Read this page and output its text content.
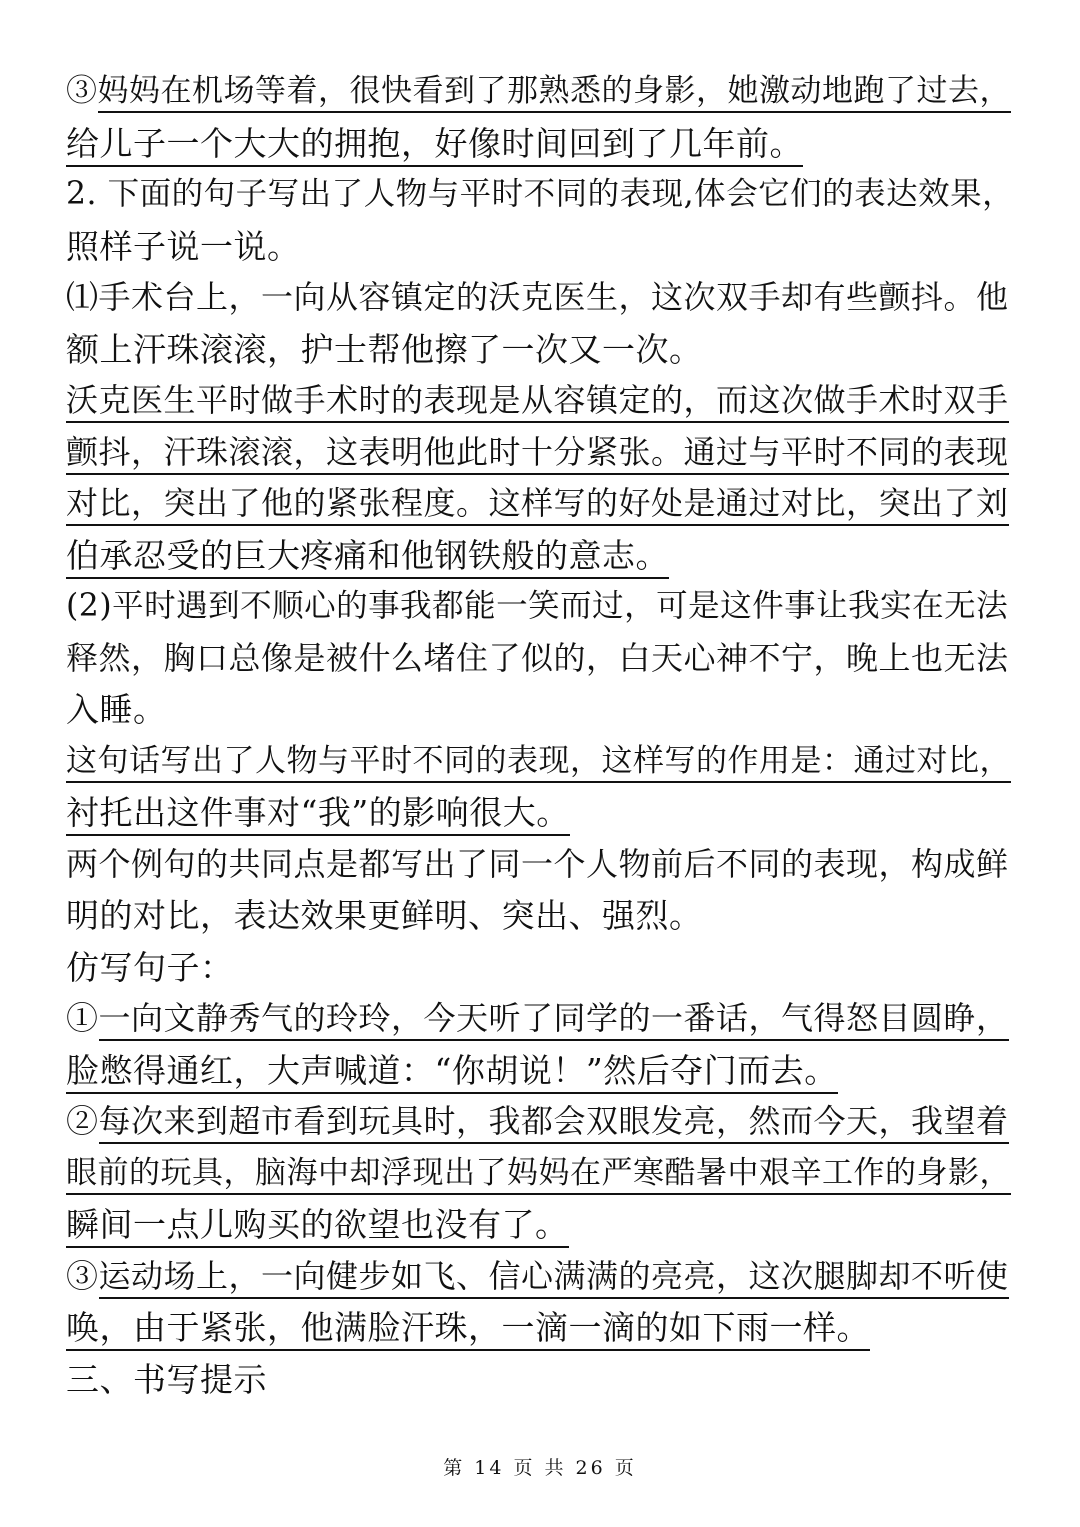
③妈妈在机场等着，很快看到了那熟悉的身影，她激动地跑了过去，
给儿子一个大大的拥抱，好像时间回到了几年前。
2. 下面的句子写出了人物与平时不同的表现,体会它们的表达效果，
照样子说一说。
⑴手术台上，一向从容镇定的沃克医生，这次双手却有些颤抖。他
额上汗珠滚滚，护士帮他擦了一次又一次。
沃克医生平时做手术时的表现是从容镇定的，而这次做手术时双手
颤抖，汗珠滚滚，这表明他此时十分紧张。通过与平时不同的表现
对比，突出了他的紧张程度。这样写的好处是通过对比，突出了刘
伯承忍受的巨大疼痛和他钢铁般的意志。
(2)平时遇到不顺心的事我都能一笑而过，可是这件事让我实在无法
释然，胸口总像是被什么堵住了似的，白天心神不宁，晚上也无法
入睡。
这句话写出了人物与平时不同的表现，这样写的作用是：通过对比，
衬托出这件事对“我”的影响很大。
两个例句的共同点是都写出了同一个人物前后不同的表现，构成鲜
明的对比，表达效果更鲜明、突出、强烈。
仿写句子：
①一向文静秀气的玲玲，今天听了同学的一番话，气得怒目圆睁，
脸憋得通红，大声喊道：“你胡说！”然后夺门而去。
②每次来到超市看到玩具时，我都会双眼发亮，然而今天，我望着
眼前的玩具，脑海中却浮现出了妈妈在严寒酷暑中艰辛工作的身影，
瞬间一点儿购买的欲望也没有了。
③运动场上，一向健步如飞、信心满满的亮亮，这次腿脚却不听使
唤，由于紧张，他满脸汗珠，一滴一滴的如下雨一样。
三、书写提示
第 14 页 共 26 页
